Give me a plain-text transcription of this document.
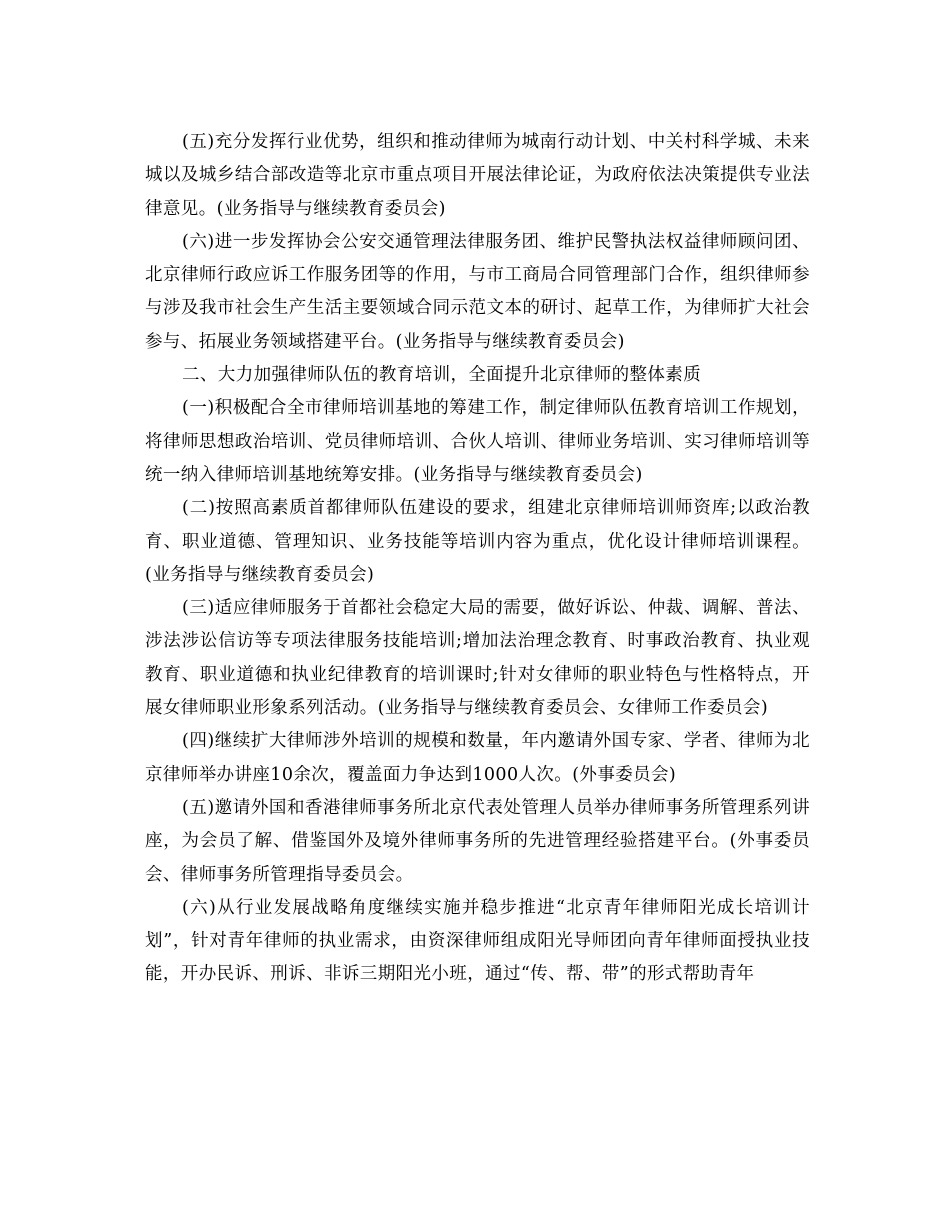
(五)充分发挥行业优势，组织和推动律师为城南行动计划、中关村科学城、未来城以及城乡结合部改造等北京市重点项目开展法律论证，为政府依法决策提供专业法律意见。(业务指导与继续教育委员会)

(六)进一步发挥协会公安交通管理法律服务团、维护民警执法权益律师顾问团、北京律师行政应诉工作服务团等的作用，与市工商局合同管理部门合作，组织律师参与涉及我市社会生产生活主要领域合同示范文本的研讨、起草工作，为律师扩大社会参与、拓展业务领域搭建平台。(业务指导与继续教育委员会)

二、大力加强律师队伍的教育培训，全面提升北京律师的整体素质

(一)积极配合全市律师培训基地的筹建工作，制定律师队伍教育培训工作规划，将律师思想政治培训、党员律师培训、合伙人培训、律师业务培训、实习律师培训等统一纳入律师培训基地统筹安排。(业务指导与继续教育委员会)

(二)按照高素质首都律师队伍建设的要求，组建北京律师培训师资库;以政治教育、职业道德、管理知识、业务技能等培训内容为重点，优化设计律师培训课程。(业务指导与继续教育委员会)

(三)适应律师服务于首都社会稳定大局的需要，做好诉讼、仲裁、调解、普法、涉法涉讼信访等专项法律服务技能培训;增加法治理念教育、时事政治教育、执业观教育、职业道德和执业纪律教育的培训课时;针对女律师的职业特色与性格特点，开展女律师职业形象系列活动。(业务指导与继续教育委员会、女律师工作委员会)

(四)继续扩大律师涉外培训的规模和数量，年内邀请外国专家、学者、律师为北京律师举办讲座10余次，覆盖面力争达到1000人次。(外事委员会)

(五)邀请外国和香港律师事务所北京代表处管理人员举办律师事务所管理系列讲座，为会员了解、借鉴国外及境外律师事务所的先进管理经验搭建平台。(外事委员会、律师事务所管理指导委员会。

(六)从行业发展战略角度继续实施并稳步推进“北京青年律师阳光成长培训计划”，针对青年律师的执业需求，由资深律师组成阳光导师团向青年律师面授执业技能，开办民诉、刑诉、非诉三期阳光小班，通过“传、帮、带”的形式帮助青年
